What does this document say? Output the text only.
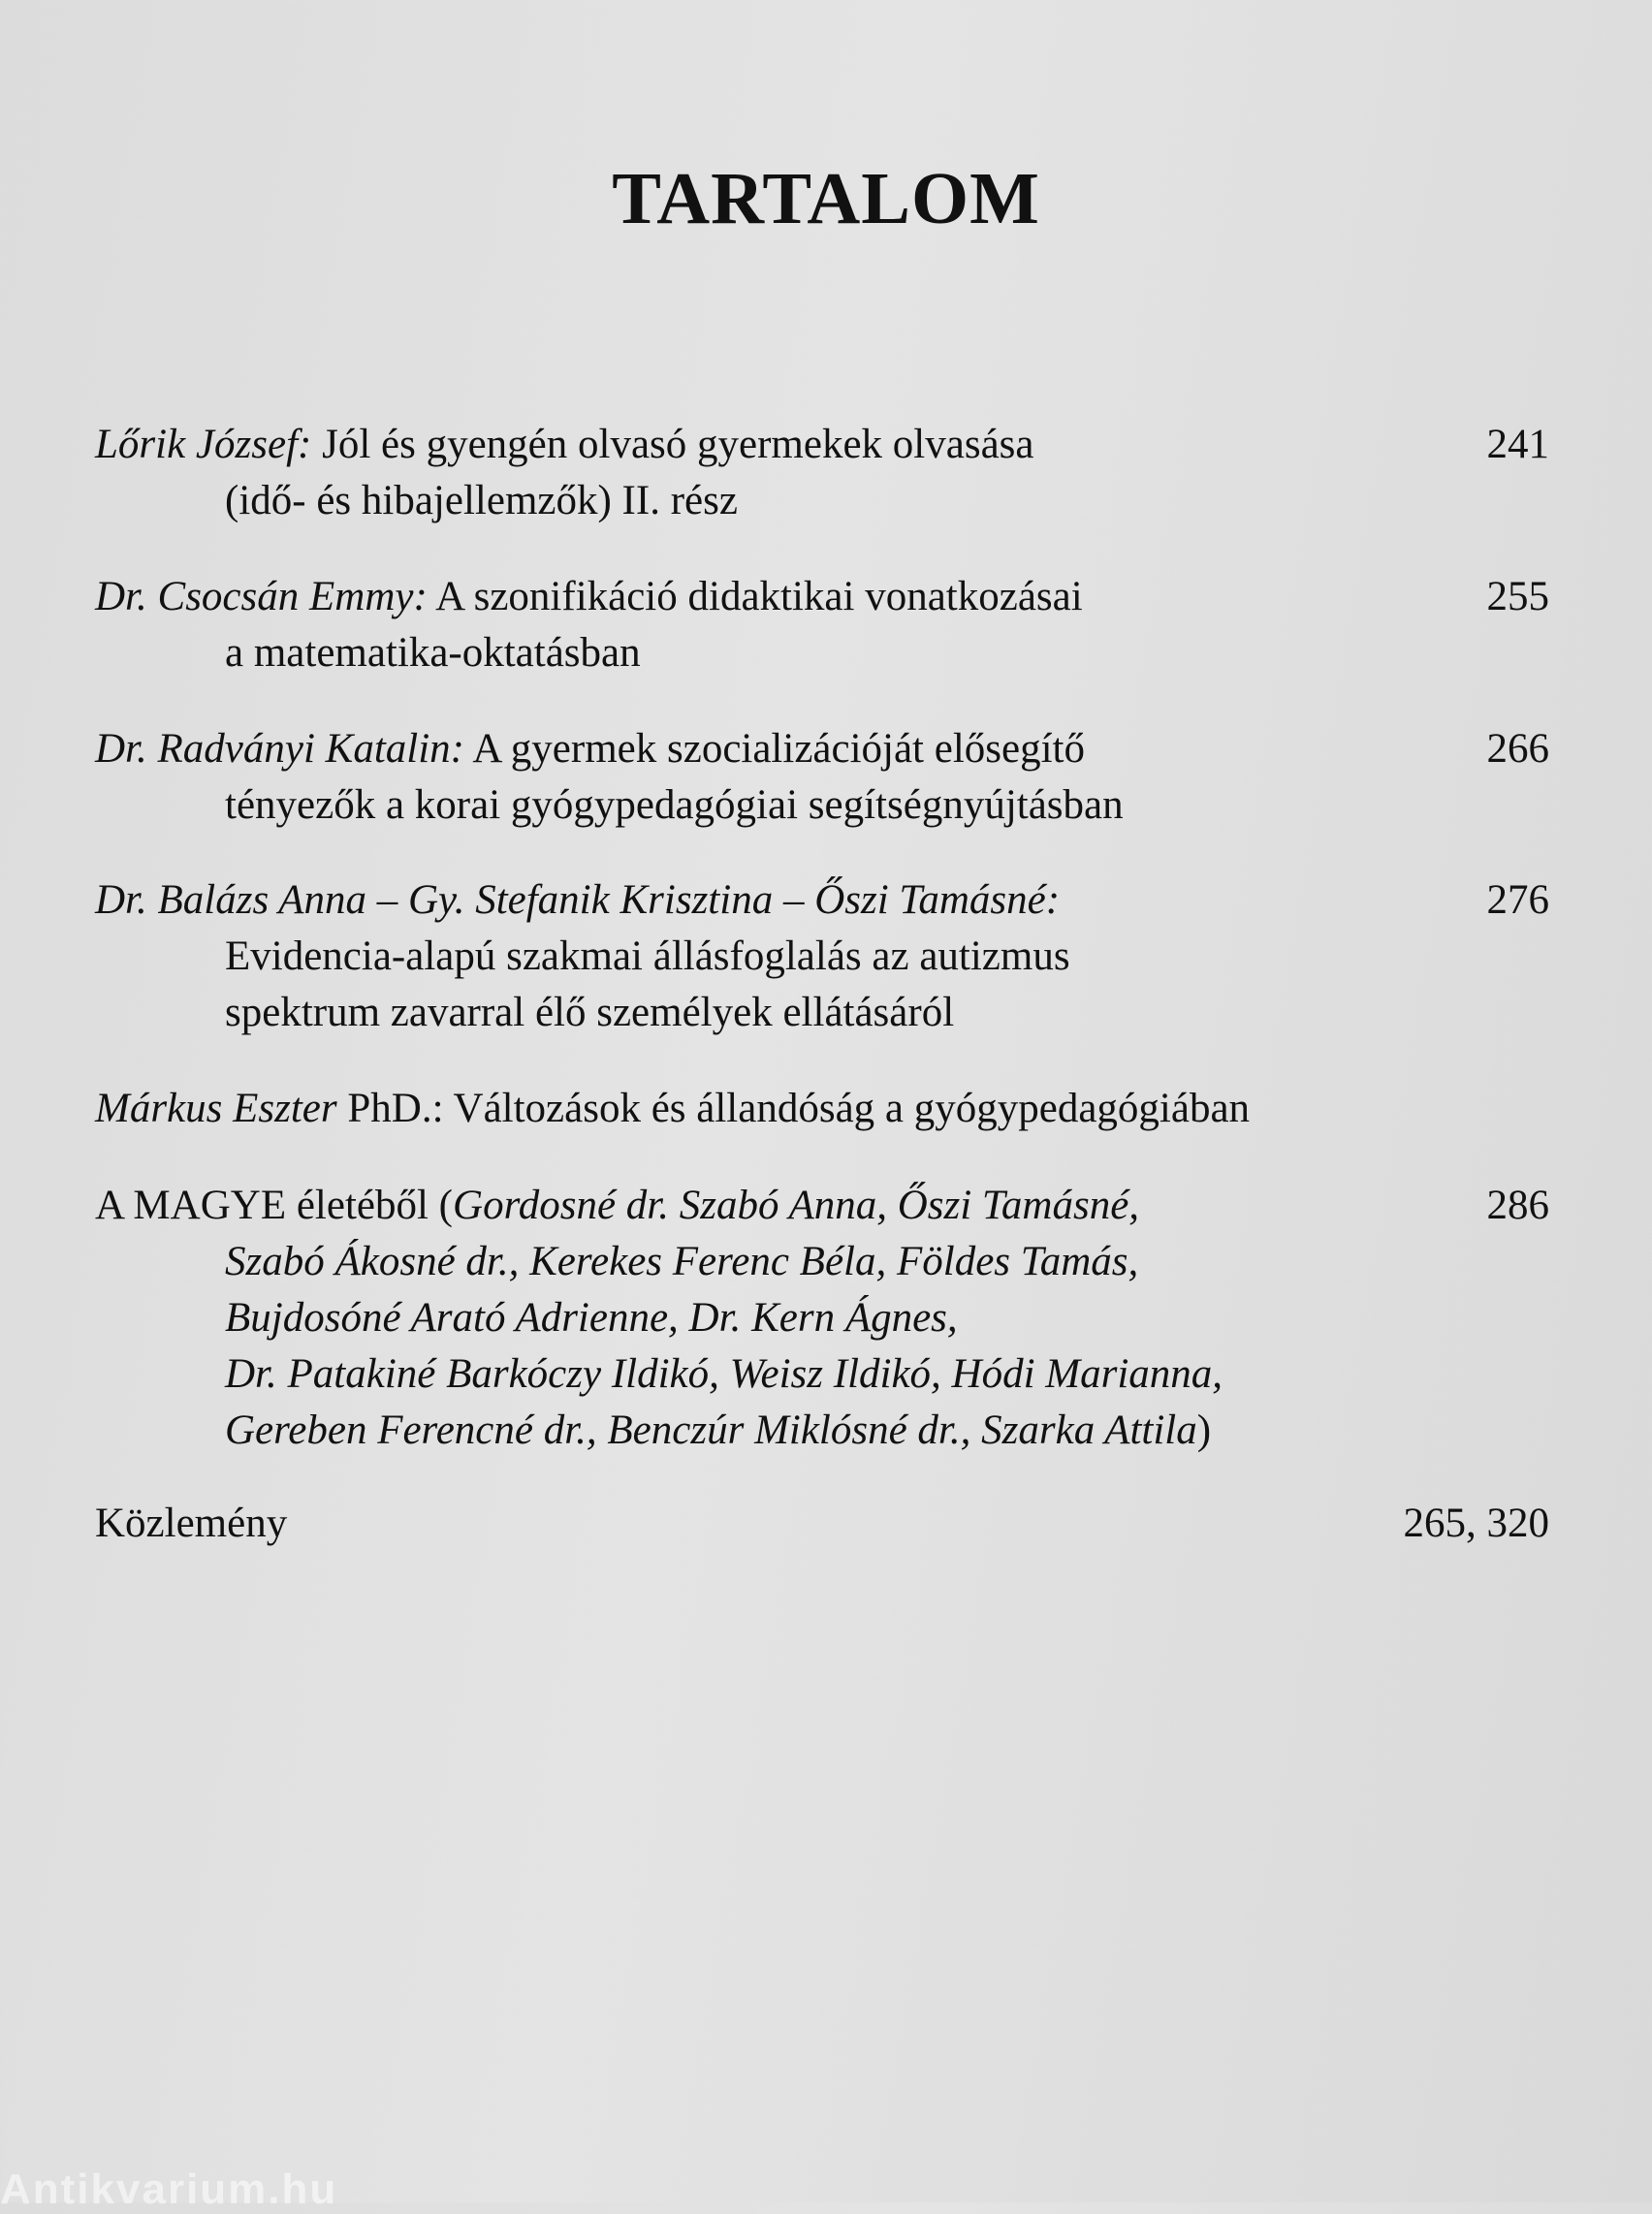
TARTALOM
Lőrik József: Jól és gyengén olvasó gyermekek olvasása
(idő- és hibajellemzők) II. rész
241
Dr. Csocsán Emmy: A szonifikáció didaktikai vonatkozásai
a matematika-oktatásban
255
Dr. Radványi Katalin: A gyermek szocializációját elősegítő
tényezők a korai gyógypedagógiai segítségnyújtásban
266
Dr. Balázs Anna – Gy. Stefanik Krisztina – Őszi Tamásné:
Evidencia-alapú szakmai állásfoglalás az autizmus
spektrum zavarral élő személyek ellátásáról
276
Márkus Eszter PhD.: Változások és állandóság a gyógypedagógiában
A MAGYE életéből (Gordosné dr. Szabó Anna, Őszi Tamásné,
Szabó Ákosné dr., Kerekes Ferenc Béla, Földes Tamás,
Bujdosóné Arató Adrienne, Dr. Kern Ágnes,
Dr. Patakiné Barkóczy Ildikó, Weisz Ildikó, Hódi Marianna,
Gereben Ferencné dr., Benczúr Miklósné dr., Szarka Attila)
286
Közlemény	265, 320
Antikvarium.hu
